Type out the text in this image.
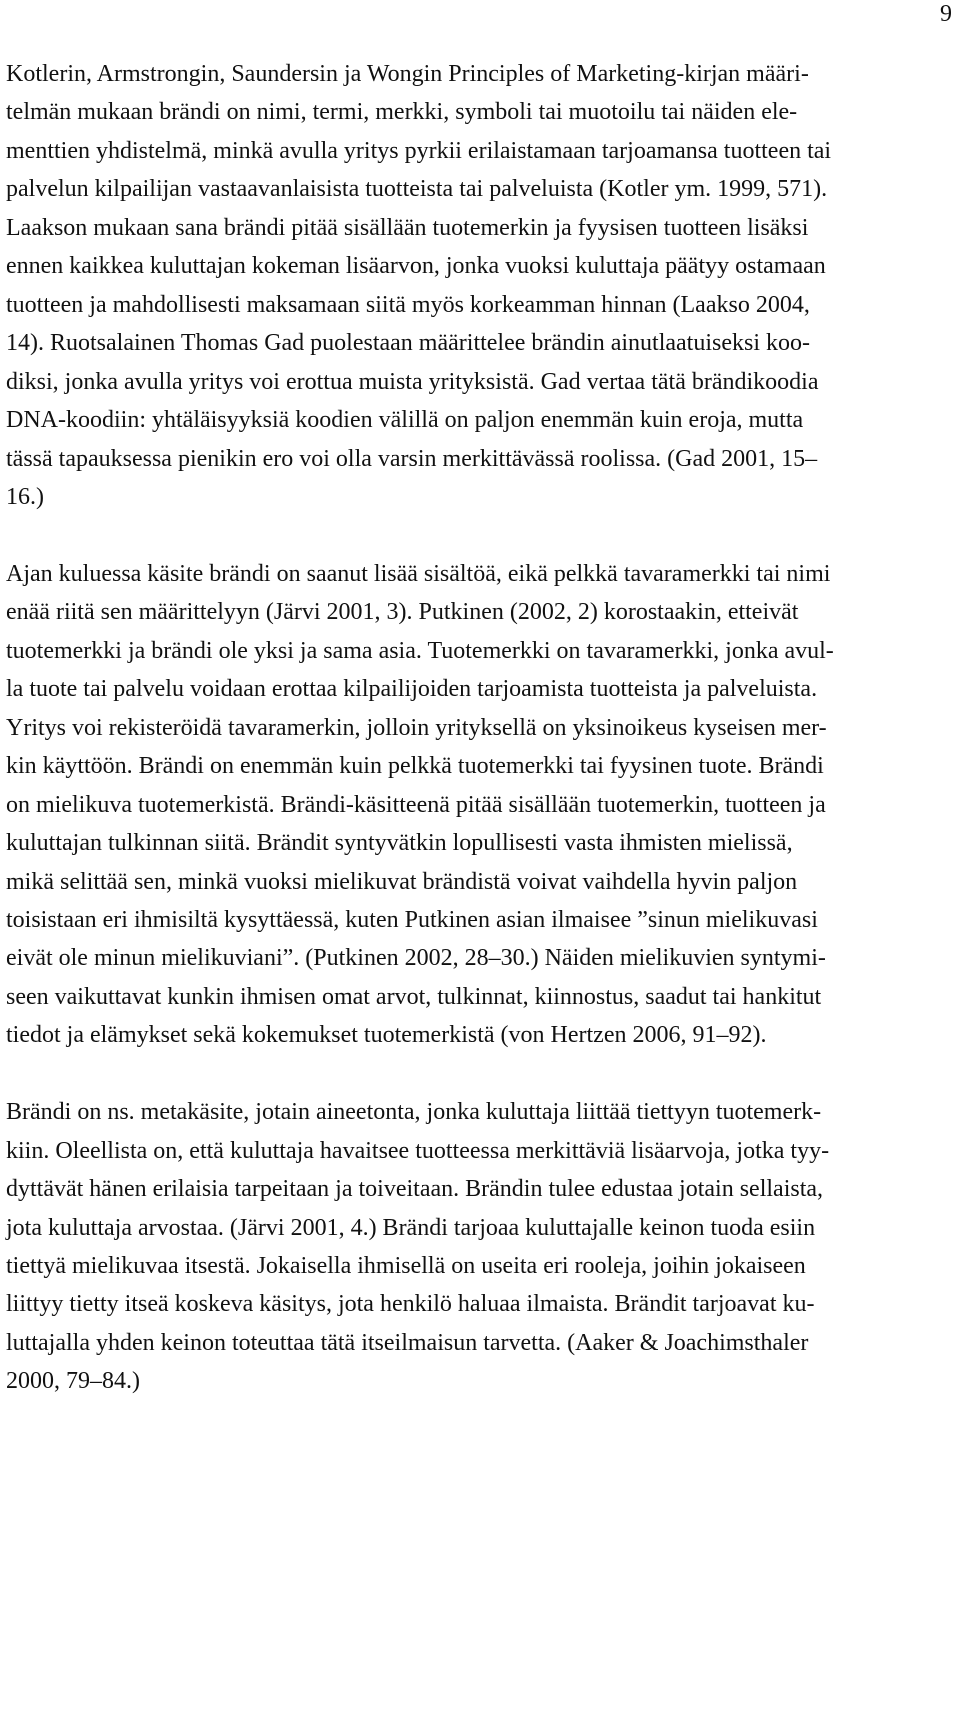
9

Kotlerin, Armstrongin, Saundersin ja Wongin Principles of Marketing-kirjan määri-
telmän mukaan brändi on nimi, termi, merkki, symboli tai muotoilu tai näiden ele-
menttien yhdistelmä, minkä avulla yritys pyrkii erilaistamaan tarjoamansa tuotteen tai
palvelun kilpailijan vastaavanlaisista tuotteista tai palveluista (Kotler ym. 1999, 571).
Laakson mukaan sana brändi pitää sisällään tuotemerkin ja fyysisen tuotteen lisäksi
ennen kaikkea kuluttajan kokeman lisäarvon, jonka vuoksi kuluttaja päätyy ostamaan
tuotteen ja mahdollisesti maksamaan siitä myös korkeamman hinnan (Laakso 2004,
14). Ruotsalainen Thomas Gad puolestaan määrittelee brändin ainutlaatuiseksi koo-
diksi, jonka avulla yritys voi erottua muista yrityksistä. Gad vertaa tätä brändikoodia
DNA-koodiin: yhtäläisyyksiä koodien välillä on paljon enemmän kuin eroja, mutta
tässä tapauksessa pienikin ero voi olla varsin merkittävässä roolissa. (Gad 2001, 15–
16.)

Ajan kuluessa käsite brändi on saanut lisää sisältöä, eikä pelkkä tavaramerkki tai nimi
enää riitä sen määrittelyyn (Järvi 2001, 3). Putkinen (2002, 2) korostaakin, etteivät
tuotemerkki ja brändi ole yksi ja sama asia. Tuotemerkki on tavaramerkki, jonka avul-
la tuote tai palvelu voidaan erottaa kilpailijoiden tarjoamista tuotteista ja palveluista.
Yritys voi rekisteröidä tavaramerkin, jolloin yrityksellä on yksinoikeus kyseisen mer-
kin käyttöön. Brändi on enemmän kuin pelkkä tuotemerkki tai fyysinen tuote. Brändi
on mielikuva tuotemerkistä. Brändi-käsitteenä pitää sisällään tuotemerkin, tuotteen ja
kuluttajan tulkinnan siitä. Brändit syntyvätkin lopullisesti vasta ihmisten mielissä,
mikä selittää sen, minkä vuoksi mielikuvat brändistä voivat vaihdella hyvin paljon
toisistaan eri ihmisiltä kysyttäessä, kuten Putkinen asian ilmaisee ”sinun mielikuvasi
eivät ole minun mielikuviani”. (Putkinen 2002, 28–30.) Näiden mielikuvien syntymi-
seen vaikuttavat kunkin ihmisen omat arvot, tulkinnat, kiinnostus, saadut tai hankitut
tiedot ja elämykset sekä kokemukset tuotemerkistä (von Hertzen 2006, 91–92).

Brändi on ns. metakäsite, jotain aineetonta, jonka kuluttaja liittää tiettyyn tuotemerk-
kiin. Oleellista on, että kuluttaja havaitsee tuotteessa merkittäviä lisäarvoja, jotka tyy-
dyttävät hänen erilaisia tarpeitaan ja toiveitaan. Brändin tulee edustaa jotain sellaista,
jota kuluttaja arvostaa. (Järvi 2001, 4.) Brändi tarjoaa kuluttajalle keinon tuoda esiin
tiettyä mielikuvaa itsestä. Jokaisella ihmisellä on useita eri rooleja, joihin jokaiseen
liittyy tietty itseä koskeva käsitys, jota henkilö haluaa ilmaista. Brändit tarjoavat ku-
luttajalla yhden keinon toteuttaa tätä itseilmaisun tarvetta. (Aaker & Joachimsthaler
2000, 79–84.)
